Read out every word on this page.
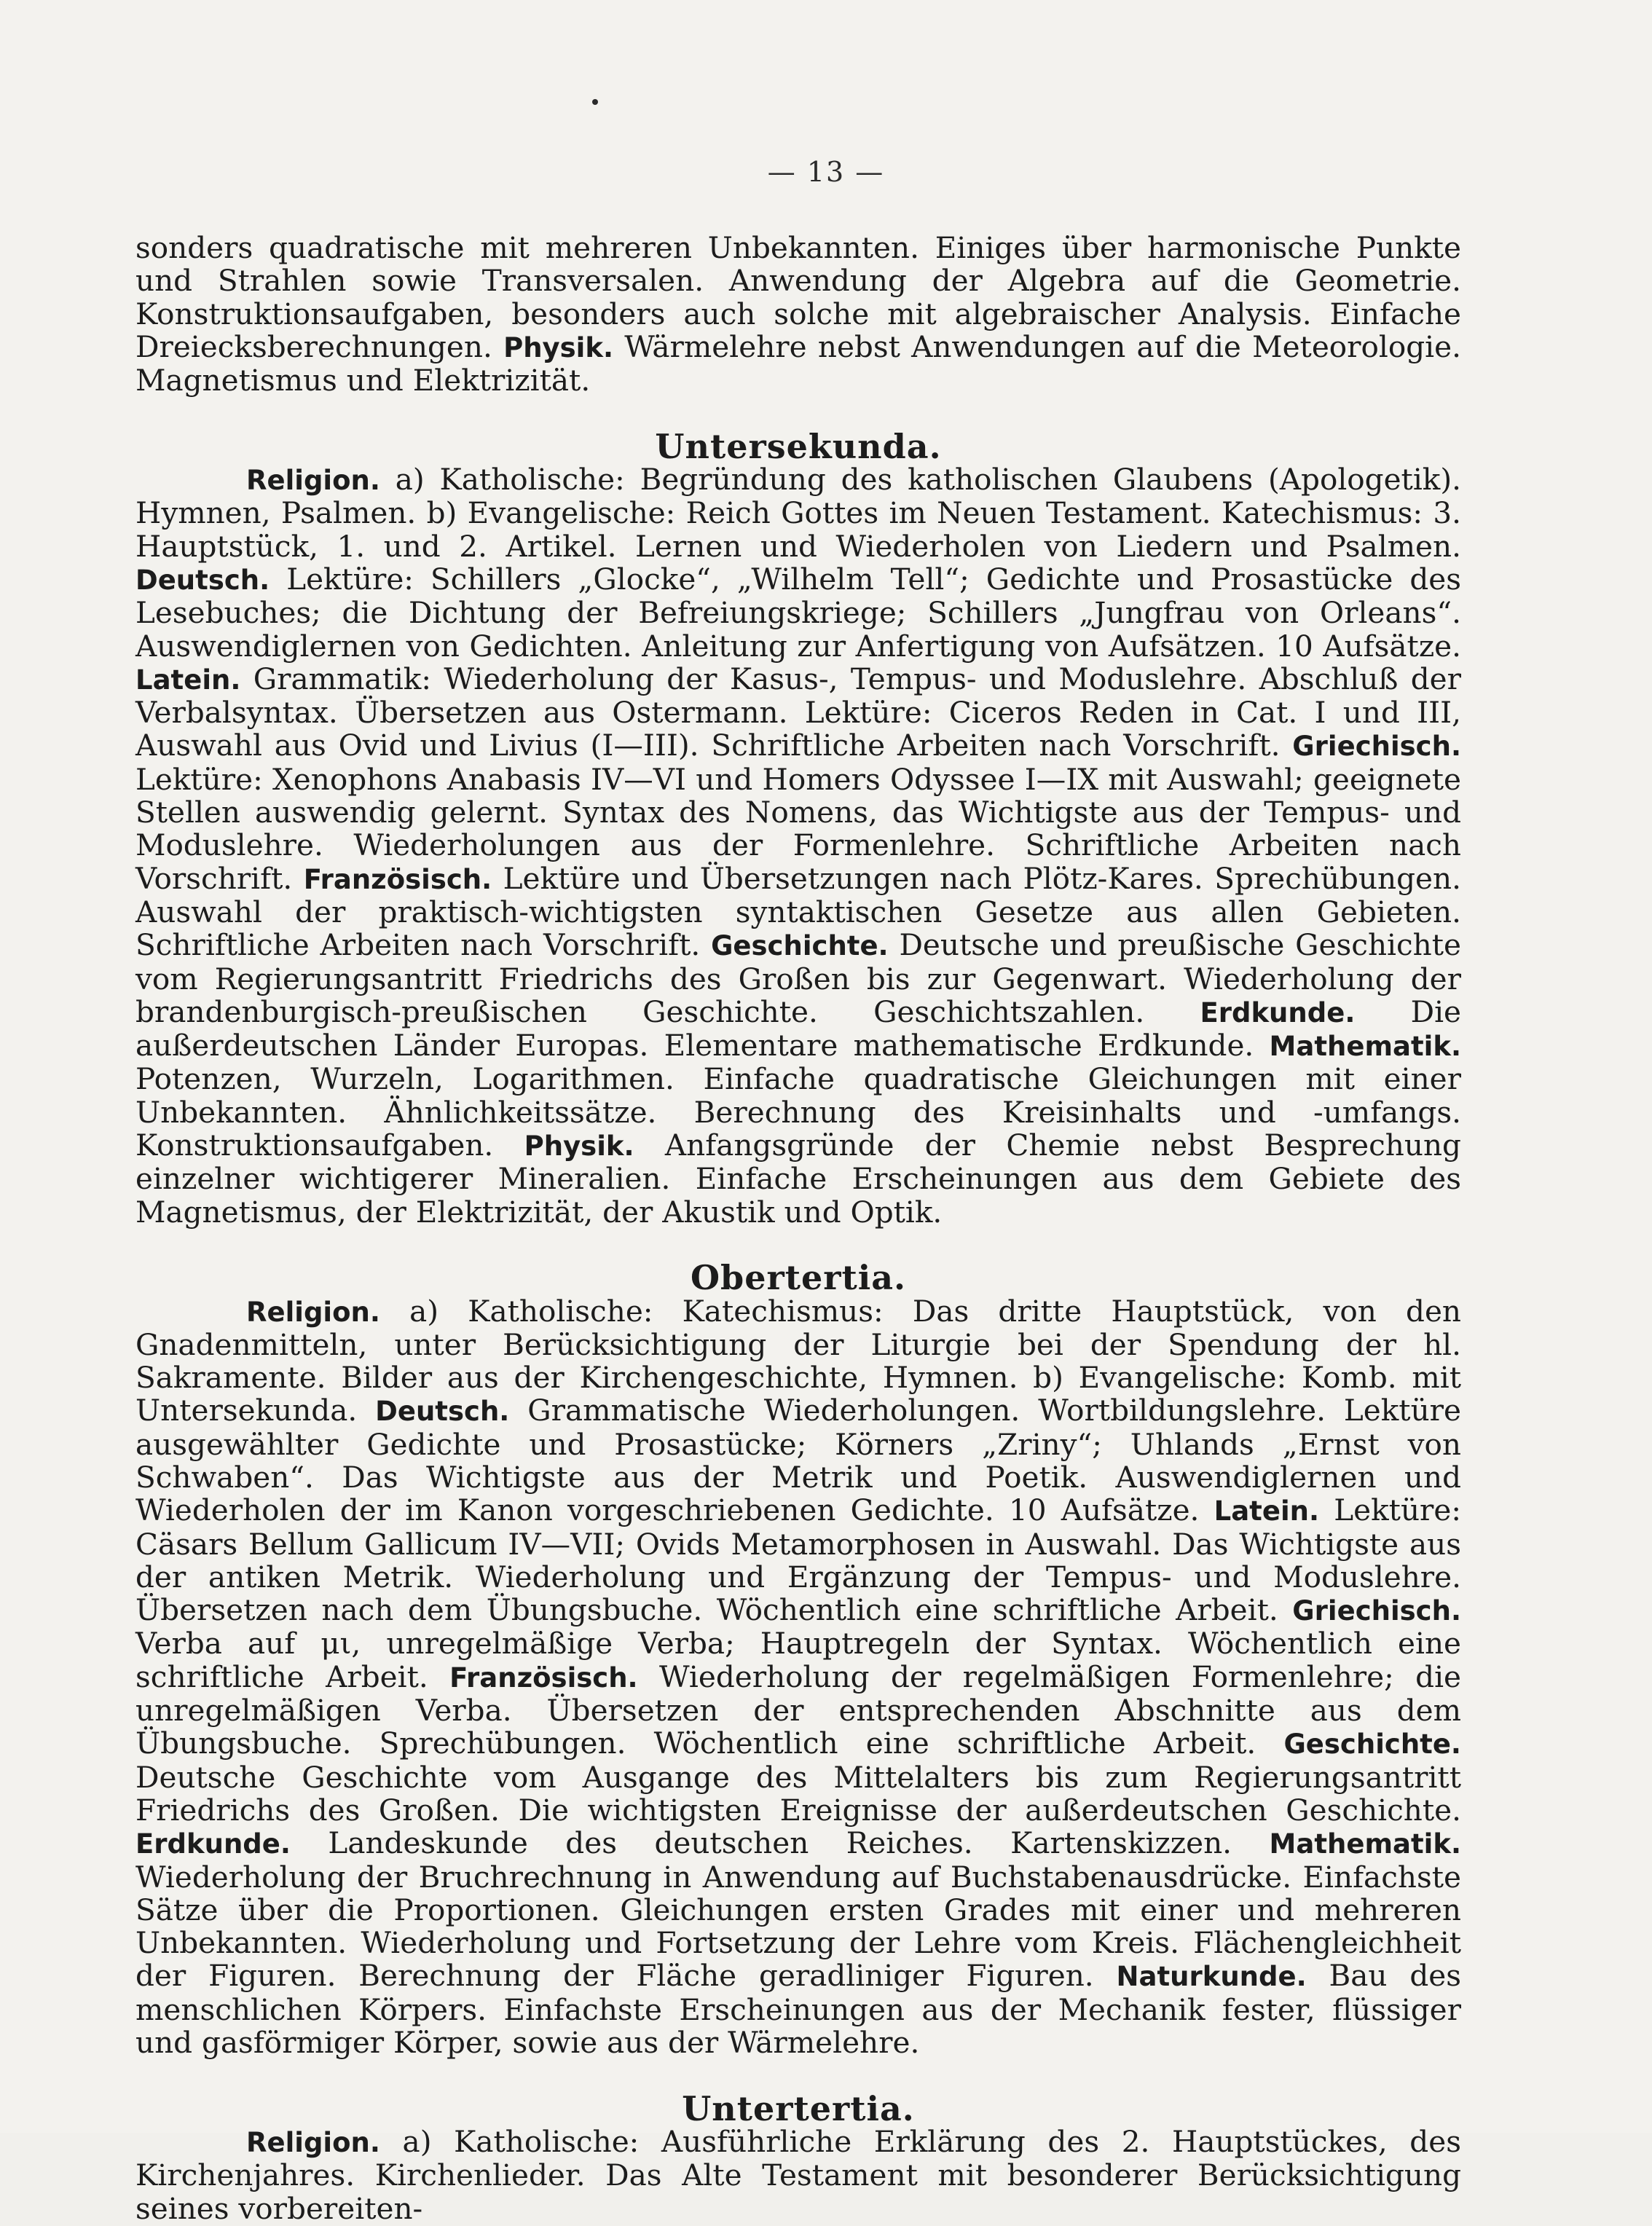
— 13 —

sonders quadratische mit mehreren Unbekannten. Einiges über harmonische Punkte und Strahlen sowie Transversalen. Anwendung der Algebra auf die Geometrie. Konstruktionsaufgaben, besonders auch solche mit algebraischer Analysis. Einfache Dreiecksberechnungen. Physik. Wärmelehre nebst Anwendungen auf die Meteorologie. Magnetismus und Elektrizität.

Untersekunda.

Religion. a) Katholische: Begründung des katholischen Glaubens (Apologetik). Hymnen, Psalmen. b) Evangelische: Reich Gottes im Neuen Testament. Katechismus: 3. Hauptstück, 1. und 2. Artikel. Lernen und Wiederholen von Liedern und Psalmen. Deutsch. Lektüre: Schillers „Glocke“, „Wilhelm Tell“; Gedichte und Prosastücke des Lesebuches; die Dichtung der Befreiungskriege; Schillers „Jungfrau von Orleans“. Auswendiglernen von Gedichten. Anleitung zur Anfertigung von Aufsätzen. 10 Aufsätze. Latein. Grammatik: Wiederholung der Kasus-, Tempus- und Moduslehre. Abschluß der Verbalsyntax. Übersetzen aus Ostermann. Lektüre: Ciceros Reden in Cat. I und III, Auswahl aus Ovid und Livius (I—III). Schriftliche Arbeiten nach Vorschrift. Griechisch. Lektüre: Xenophons Anabasis IV—VI und Homers Odyssee I—IX mit Auswahl; geeignete Stellen auswendig gelernt. Syntax des Nomens, das Wichtigste aus der Tempus- und Moduslehre. Wiederholungen aus der Formenlehre. Schriftliche Arbeiten nach Vorschrift. Französisch. Lektüre und Übersetzungen nach Plötz-Kares. Sprechübungen. Auswahl der praktisch-wichtigsten syntaktischen Gesetze aus allen Gebieten. Schriftliche Arbeiten nach Vorschrift. Geschichte. Deutsche und preußische Geschichte vom Regierungsantritt Friedrichs des Großen bis zur Gegenwart. Wiederholung der brandenburgisch-preußischen Geschichte. Geschichtszahlen. Erdkunde. Die außerdeutschen Länder Europas. Elementare mathematische Erdkunde. Mathematik. Potenzen, Wurzeln, Logarithmen. Einfache quadratische Gleichungen mit einer Unbekannten. Ähnlichkeitssätze. Berechnung des Kreisinhalts und -umfangs. Konstruktionsaufgaben. Physik. Anfangsgründe der Chemie nebst Besprechung einzelner wichtigerer Mineralien. Einfache Erscheinungen aus dem Gebiete des Magnetismus, der Elektrizität, der Akustik und Optik.

Obertertia.

Religion. a) Katholische: Katechismus: Das dritte Hauptstück, von den Gnadenmitteln, unter Berücksichtigung der Liturgie bei der Spendung der hl. Sakramente. Bilder aus der Kirchengeschichte, Hymnen. b) Evangelische: Komb. mit Untersekunda. Deutsch. Grammatische Wiederholungen. Wortbildungslehre. Lektüre ausgewählter Gedichte und Prosastücke; Körners „Zriny“; Uhlands „Ernst von Schwaben“. Das Wichtigste aus der Metrik und Poetik. Auswendiglernen und Wiederholen der im Kanon vorgeschriebenen Gedichte. 10 Aufsätze. Latein. Lektüre: Cäsars Bellum Gallicum IV—VII; Ovids Metamorphosen in Auswahl. Das Wichtigste aus der antiken Metrik. Wiederholung und Ergänzung der Tempus- und Moduslehre. Übersetzen nach dem Übungsbuche. Wöchentlich eine schriftliche Arbeit. Griechisch. Verba auf μι, unregelmäßige Verba; Hauptregeln der Syntax. Wöchentlich eine schriftliche Arbeit. Französisch. Wiederholung der regelmäßigen Formenlehre; die unregelmäßigen Verba. Übersetzen der entsprechenden Abschnitte aus dem Übungsbuche. Sprechübungen. Wöchentlich eine schriftliche Arbeit. Geschichte. Deutsche Geschichte vom Ausgange des Mittelalters bis zum Regierungsantritt Friedrichs des Großen. Die wichtigsten Ereignisse der außerdeutschen Geschichte. Erdkunde. Landeskunde des deutschen Reiches. Kartenskizzen. Mathematik. Wiederholung der Bruchrechnung in Anwendung auf Buchstabenausdrücke. Einfachste Sätze über die Proportionen. Gleichungen ersten Grades mit einer und mehreren Unbekannten. Wiederholung und Fortsetzung der Lehre vom Kreis. Flächengleichheit der Figuren. Berechnung der Fläche geradliniger Figuren. Naturkunde. Bau des menschlichen Körpers. Einfachste Erscheinungen aus der Mechanik fester, flüssiger und gasförmiger Körper, sowie aus der Wärmelehre.

Untertertia.

Religion. a) Katholische: Ausführliche Erklärung des 2. Hauptstückes, des Kirchenjahres. Kirchenlieder. Das Alte Testament mit besonderer Berücksichtigung seines vorbereiten-
